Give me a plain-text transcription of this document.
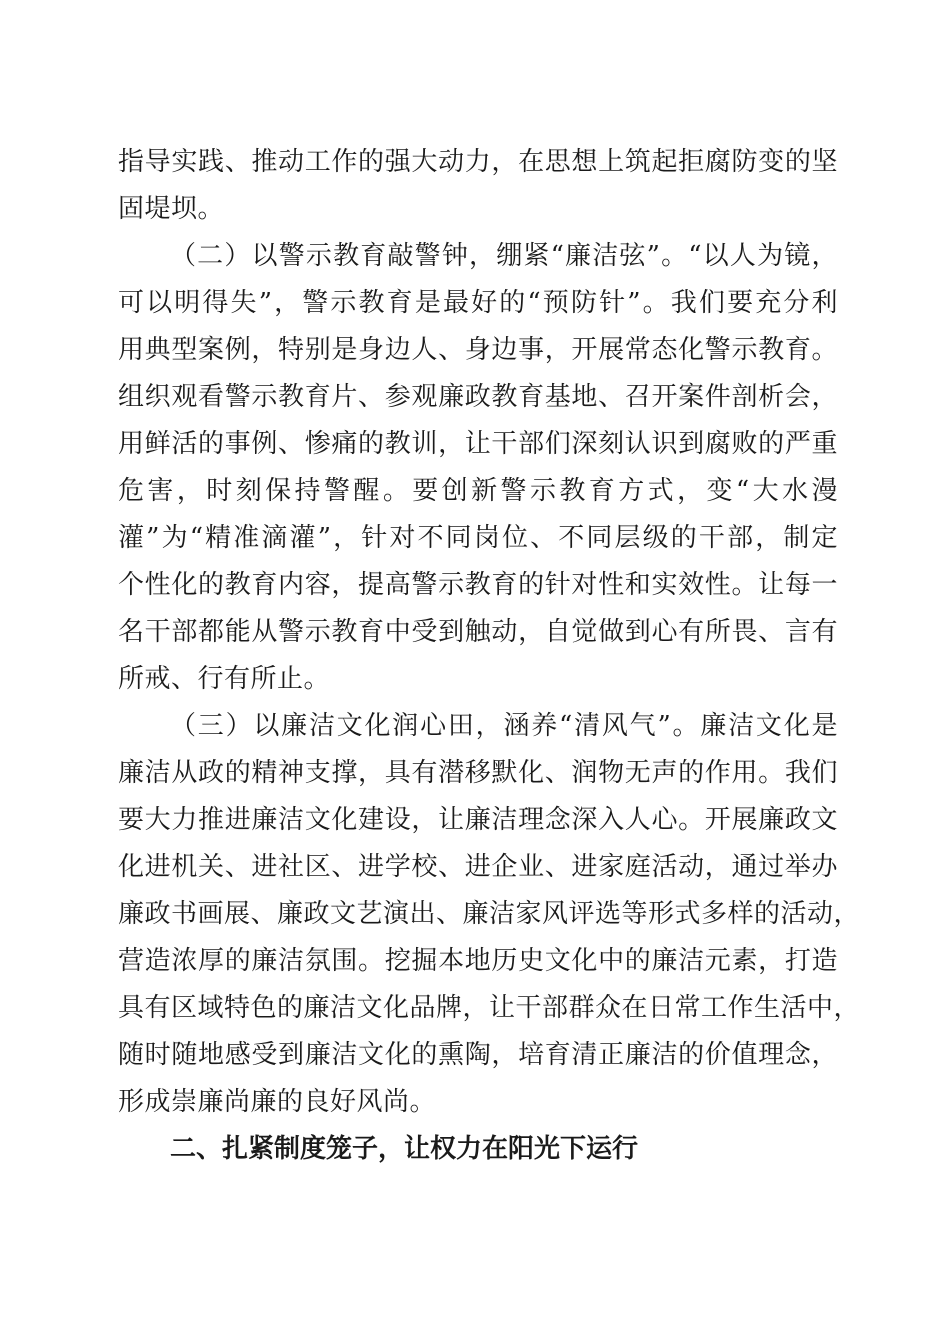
指导实践、推动工作的强大动力，在思想上筑起拒腐防变的坚
固堤坝。
（二）以警示教育敲警钟，绷紧“廉洁弦”。“以人为镜，
可以明得失”，警示教育是最好的“预防针”。我们要充分利
用典型案例，特别是身边人、身边事，开展常态化警示教育。
组织观看警示教育片、参观廉政教育基地、召开案件剖析会，
用鲜活的事例、惨痛的教训，让干部们深刻认识到腐败的严重
危害，时刻保持警醒。要创新警示教育方式，变“大水漫
灌”为“精准滴灌”，针对不同岗位、不同层级的干部，制定
个性化的教育内容，提高警示教育的针对性和实效性。让每一
名干部都能从警示教育中受到触动，自觉做到心有所畏、言有
所戒、行有所止。
（三）以廉洁文化润心田，涵养“清风气”。廉洁文化是
廉洁从政的精神支撑，具有潜移默化、润物无声的作用。我们
要大力推进廉洁文化建设，让廉洁理念深入人心。开展廉政文
化进机关、进社区、进学校、进企业、进家庭活动，通过举办
廉政书画展、廉政文艺演出、廉洁家风评选等形式多样的活动，
营造浓厚的廉洁氛围。挖掘本地历史文化中的廉洁元素，打造
具有区域特色的廉洁文化品牌，让干部群众在日常工作生活中，
随时随地感受到廉洁文化的熏陶，培育清正廉洁的价值理念，
形成崇廉尚廉的良好风尚。
二、扎紧制度笼子，让权力在阳光下运行
